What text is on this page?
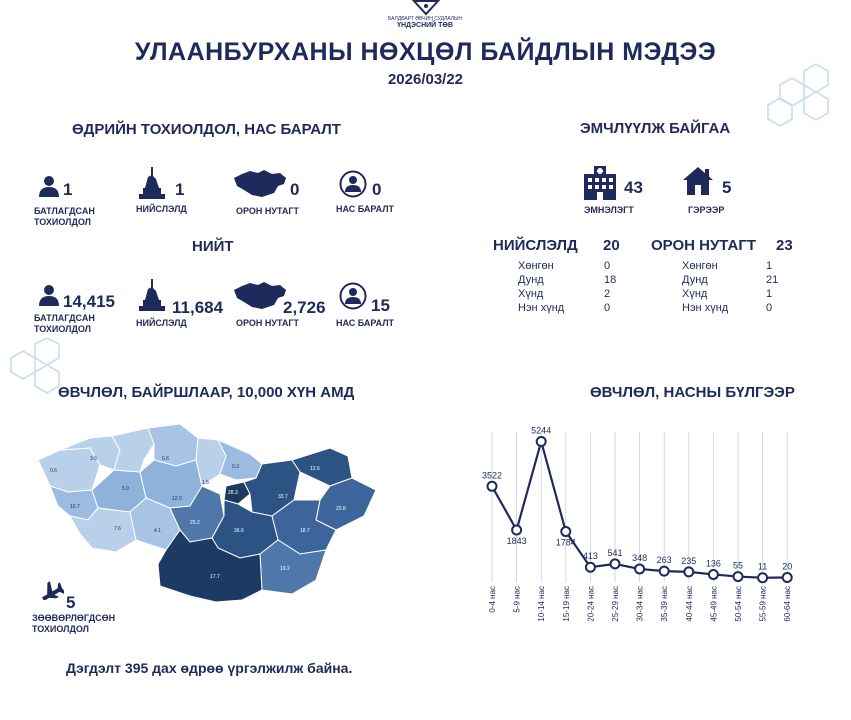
БАЛДВАРТ ӨВЧИН СУДЛАЛЫН
ҮНДЭСНИЙ ТӨВ
УЛААНБУРХАНЫ НӨХЦӨЛ БАЙДЛЫН МЭДЭЭ
2026/03/22
ӨДРИЙН ТОХИОЛДОЛ, НАС БАРАЛТ
1
БАТЛАГДСАН
ТОХИОЛДОЛ
1
НИЙСЛЭЛД
0
ОРОН НУТАГТ
0
НАС БАРАЛТ
НИЙТ
14,415
БАТЛАГДСАН
ТОХИОЛДОЛ
11,684
НИЙСЛЭЛД
2,726
ОРОН НУТАГТ
15
НАС БАРАЛТ
ЭМЧЛҮҮЛЖ БАЙГАА
43
ЭМНЭЛЭГТ
5
ГЭРЭЭР
НИЙСЛЭЛД 20
Хөнгөн	0
Дунд	18
Хүнд	2
Нэн хүнд	0
ОРОН НУТАГТ 23
Хөнгөн	1
Дунд	21
Хүнд	1
Нэн хүнд	0
ӨВЧЛӨЛ, БАЙРШЛААР, 10,000 ХҮН АМД
0.6
3.6	6.6
1.5
0.3
10.7
5.9
12.0
28.3
33.7
12.6
20.8
7.6	4.1
25.2
36.6
17.7
19.2
18.7
5
ЗӨӨВӨРЛӨГДСӨН
ТОХИОЛДОЛ
Дэгдэлт 395 дах өдрөө үргэлжилж байна.
ӨВЧЛӨЛ, НАСНЫ БҮЛГЭЭР
3522
0-4 нас
1843
5-9 нас
5244
10-14 нас
1784
15-19 нас
413
20-24 нас
541
25-29 нас
348
30-34 нас
263
35-39 нас
235
40-44 нас
136
45-49 нас
55
50-54 нас
11
55-59 нас
20
60-64 нас
